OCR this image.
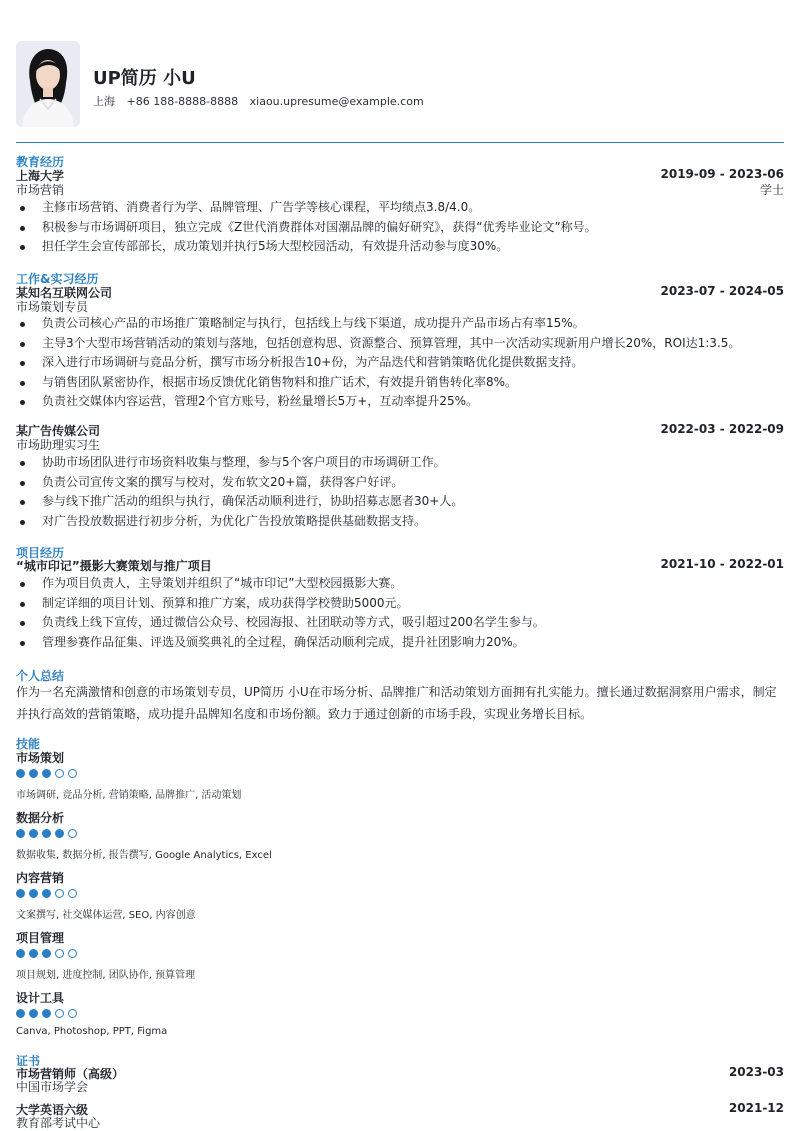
UP简历 小U
上海 +86 188-8888-8888 xiaou.upresume@example.com
教育经历
上海大学	2019-09 - 2023-06
市场营销	学士
主修市场营销、消费者行为学、品牌管理、广告学等核心课程，平均绩点3.8/4.0。
积极参与市场调研项目，独立完成《Z世代消费群体对国潮品牌的偏好研究》，获得“优秀毕业论文”称号。
担任学生会宣传部部长，成功策划并执行5场大型校园活动，有效提升活动参与度30%。
工作&实习经历
某知名互联网公司	2023-07 - 2024-05
市场策划专员
负责公司核心产品的市场推广策略制定与执行，包括线上与线下渠道，成功提升产品市场占有率15%。
主导3个大型市场营销活动的策划与落地，包括创意构思、资源整合、预算管理，其中一次活动实现新用户增长20%，ROI达1:3.5。
深入进行市场调研与竞品分析，撰写市场分析报告10+份，为产品迭代和营销策略优化提供数据支持。
与销售团队紧密协作，根据市场反馈优化销售物料和推广话术，有效提升销售转化率8%。
负责社交媒体内容运营，管理2个官方账号，粉丝量增长5万+，互动率提升25%。
某广告传媒公司	2022-03 - 2022-09
市场助理实习生
协助市场团队进行市场资料收集与整理，参与5个客户项目的市场调研工作。
负责公司宣传文案的撰写与校对，发布软文20+篇，获得客户好评。
参与线下推广活动的组织与执行，确保活动顺利进行，协助招募志愿者30+人。
对广告投放数据进行初步分析，为优化广告投放策略提供基础数据支持。
项目经历
“城市印记”摄影大赛策划与推广项目	2021-10 - 2022-01
作为项目负责人，主导策划并组织了“城市印记”大型校园摄影大赛。
制定详细的项目计划、预算和推广方案，成功获得学校赞助5000元。
负责线上线下宣传，通过微信公众号、校园海报、社团联动等方式，吸引超过200名学生参与。
管理参赛作品征集、评选及颁奖典礼的全过程，确保活动顺利完成，提升社团影响力20%。
个人总结
作为一名充满激情和创意的市场策划专员，UP简历 小U在市场分析、品牌推广和活动策划方面拥有扎实能力。擅长通过数据洞察用户需求，制定并执行高效的营销策略，成功提升品牌知名度和市场份额。致力于通过创新的市场手段，实现业务增长目标。
技能
市场策划
市场调研, 竞品分析, 营销策略, 品牌推广, 活动策划
数据分析
数据收集, 数据分析, 报告撰写, Google Analytics, Excel
内容营销
文案撰写, 社交媒体运营, SEO, 内容创意
项目管理
项目规划, 进度控制, 团队协作, 预算管理
设计工具
Canva, Photoshop, PPT, Figma
证书
市场营销师（高级）	2023-03
中国市场学会
大学英语六级	2021-12
教育部考试中心
